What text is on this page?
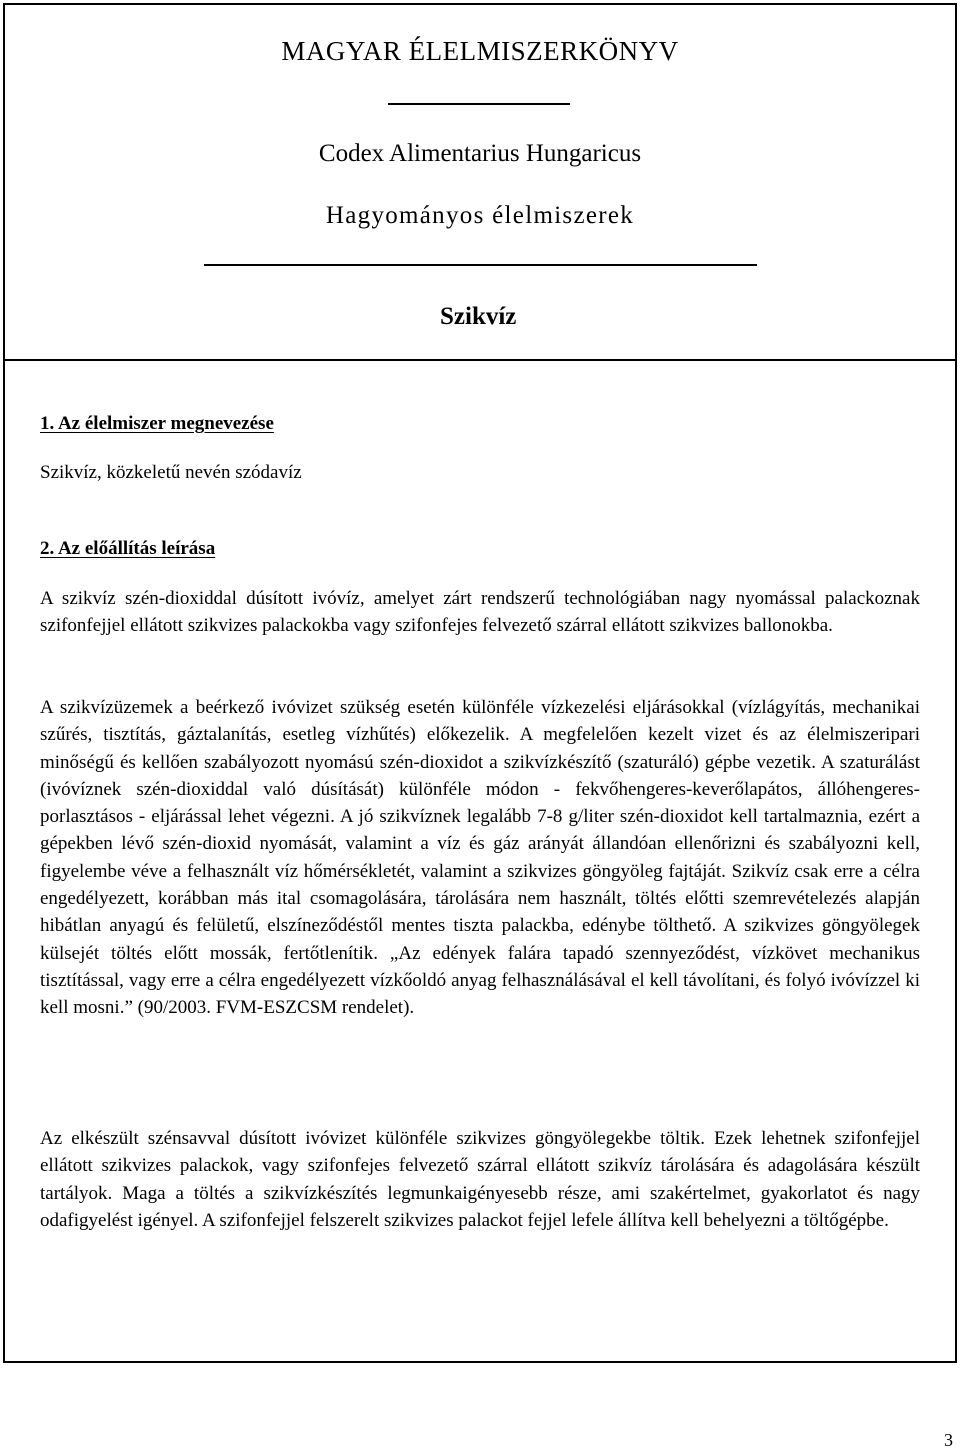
MAGYAR ÉLELMISZERKÖNYV
Codex Alimentarius Hungaricus
Hagyományos élelmiszerek
Szikvíz
1. Az élelmiszer megnevezése
Szikvíz, közkeletű nevén szódavíz
2. Az előállítás leírása
A szikvíz szén-dioxiddal dúsított ivóvíz, amelyet zárt rendszerű technológiában nagy nyomással palackoznak szifonfejjel ellátott szikvizes palackokba vagy szifonfejes felvezető szárral ellátott szikvizes ballonokba.
A szikvízüzemek a beérkező ivóvizet szükség esetén különféle vízkezelési eljárásokkal (vízlágyítás, mechanikai szűrés, tisztítás, gáztalanítás, esetleg vízhűtés) előkezelik. A megfelelően kezelt vizet és az élelmiszeripari minőségű és kellően szabályozott nyomású szén-dioxidot a szikvízkészítő (szaturáló) gépbe vezetik. A szaturálást (ivóvíznek szén-dioxiddal való dúsítását) különféle módon - fekvőhengeres-keverőlapátos, állóhengeres-porlasztásos - eljárással lehet végezni. A jó szikvíznek legalább 7-8 g/liter szén-dioxidot kell tartalmaznia, ezért a gépekben lévő szén-dioxid nyomását, valamint a víz és gáz arányát állandóan ellenőrizni és szabályozni kell, figyelembe véve a felhasznált víz hőmérsékletét, valamint a szikvizes göngyöleg fajtáját. Szikvíz csak erre a célra engedélyezett, korábban más ital csomagolására, tárolására nem használt, töltés előtti szemrevételezés alapján hibátlan anyagú és felületű, elszíneződéstől mentes tiszta palackba, edénybe tölthető. A szikvizes göngyölegek külsejét töltés előtt mossák, fertőtlenítik. „Az edények falára tapadó szennyeződést, vízkövet mechanikus tisztítással, vagy erre a célra engedélyezett vízkőoldó anyag felhasználásával el kell távolítani, és folyó ivóvízzel ki kell mosni.” (90/2003. FVM-ESZCSM rendelet).
Az elkészült szénsavval dúsított ivóvizet különféle szikvizes göngyölegekbe töltik. Ezek lehetnek szifonfejjel ellátott szikvizes palackok, vagy szifonfejes felvezető szárral ellátott szikvíz tárolására és adagolására készült tartályok. Maga a töltés a szikvízkészítés legmunkaigényesebb része, ami szakértelmet, gyakorlatot és nagy odafigyelést igényel. A szifonfejjel felszerelt szikvizes palackot fejjel lefele állítva kell behelyezni a töltőgépbe.
3
